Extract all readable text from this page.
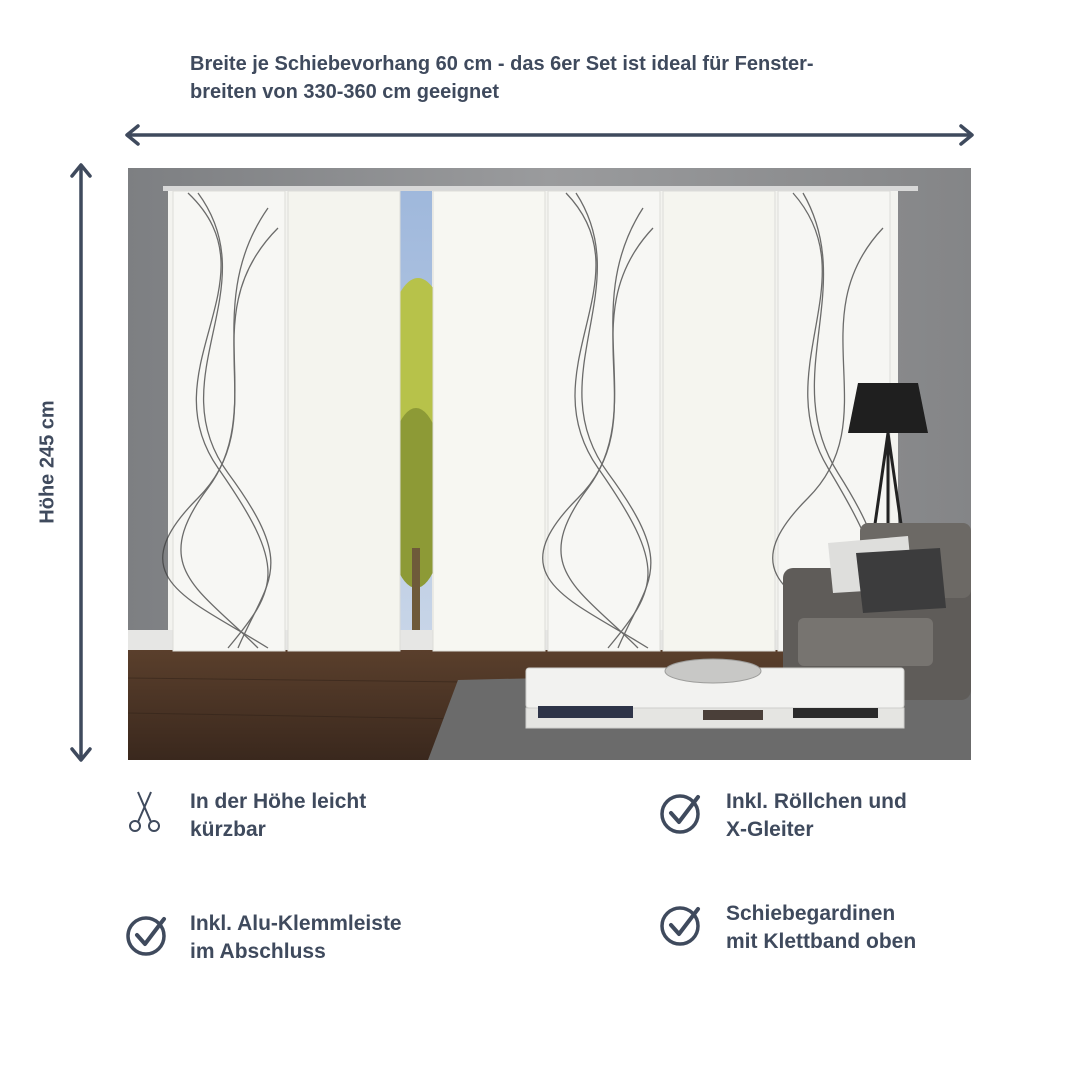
Breite je Schiebevorhang 60 cm - das 6er Set ist ideal für Fenster-
breiten von 330-360 cm geeignet
Höhe 245 cm
In der Höhe leicht
kürzbar
Inkl. Röllchen und
X-Gleiter
Inkl. Alu-Klemmleiste
im Abschluss
Schiebegardinen
mit Klettband oben
